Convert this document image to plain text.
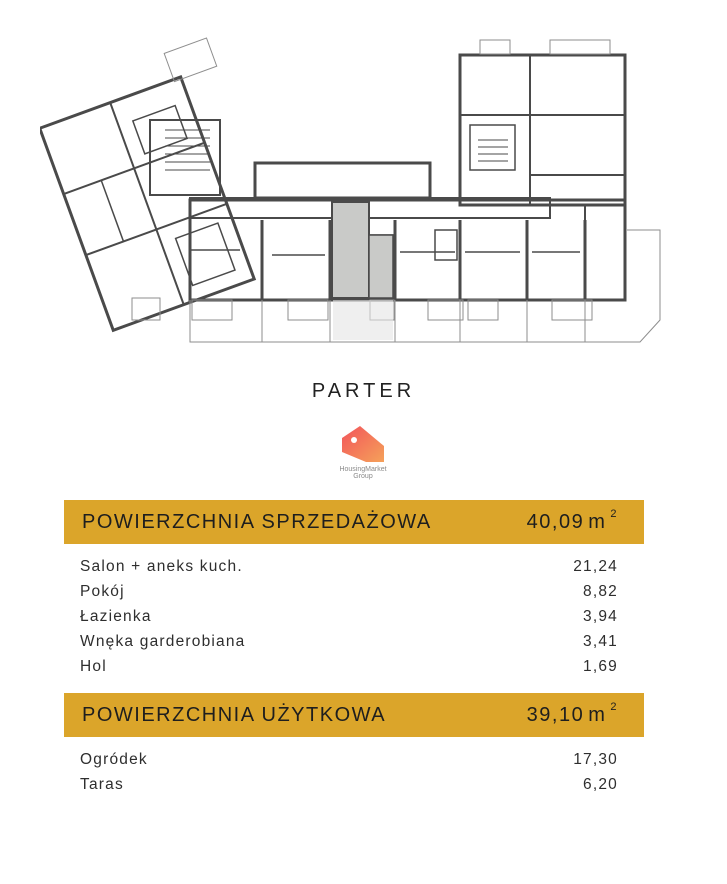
PARTER
HousingMarket
Group
POWIERZCHNIA SPRZEDAŻOWA	40,09 m 2
Salon + aneks kuch.	21,24
Pokój	8,82
Łazienka	3,94
Wnęka garderobiana	3,41
Hol	1,69
POWIERZCHNIA UŻYTKOWA	39,10 m 2
Ogródek	17,30
Taras	6,20
